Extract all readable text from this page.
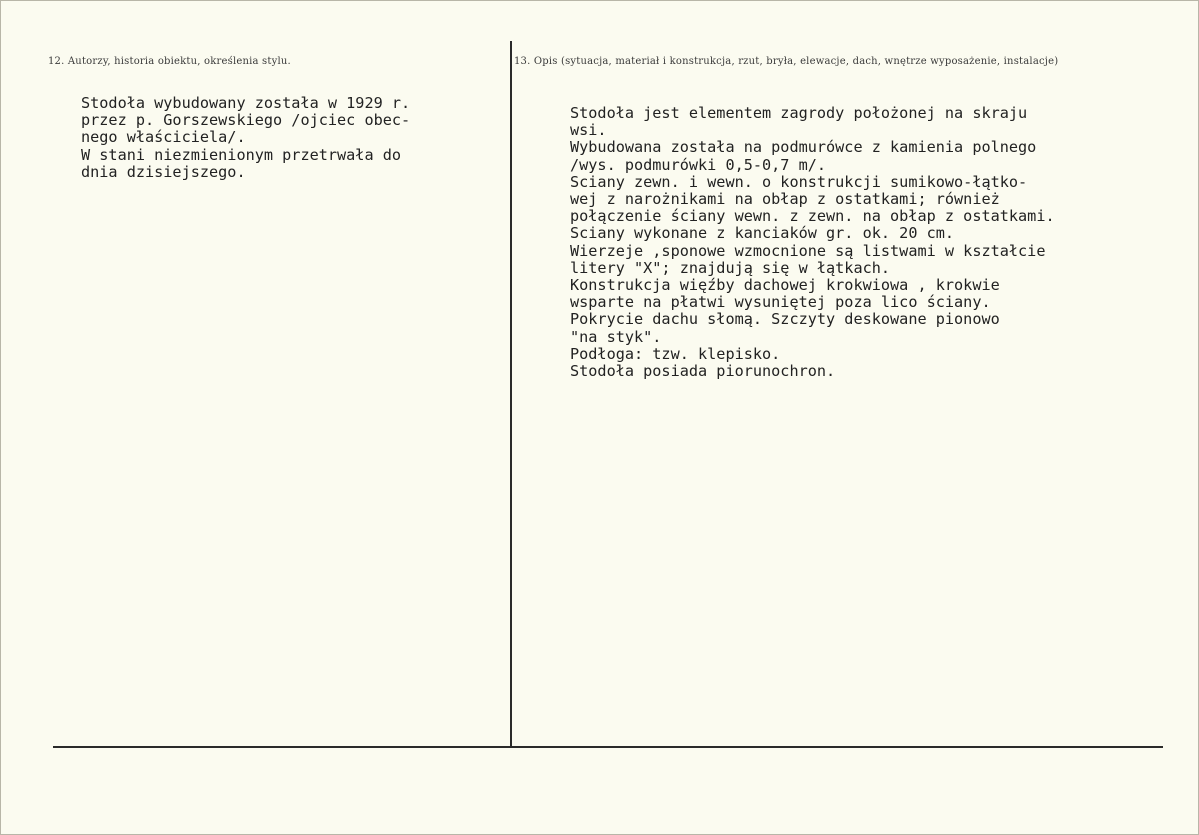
12. Autorzy, historia obiektu, określenia stylu.	13. Opis (sytuacja, materiał i konstrukcja, rzut, bryła, elewacje, dach, wnętrze wyposażenie, instalacje)
Stodoła wybudowany została w 1929 r.
przez p. Gorszewskiego /ojciec obec-
nego właściciela/.
W stani niezmienionym przetrwała do
dnia dzisiejszego.
Stodoła jest elementem zagrody położonej na skraju
wsi.
Wybudowana została na podmurówce z kamienia polnego
/wys. podmurówki 0,5-0,7 m/.
Sciany zewn. i wewn. o konstrukcji sumikowo-łątko-
wej z narożnikami na obłap z ostatkami; również
połączenie ściany wewn. z zewn. na obłap z ostatkami.
Sciany wykonane z kanciaków gr. ok. 20 cm.
Wierzeje ,sponowe wzmocnione są listwami w kształcie
litery "X"; znajdują się w łątkach.
Konstrukcja więźby dachowej krokwiowa , krokwie
wsparte na płatwi wysuniętej poza lico ściany.
Pokrycie dachu słomą. Szczyty deskowane pionowo
"na styk".
Podłoga: tzw. klepisko.
Stodoła posiada piorunochron.
